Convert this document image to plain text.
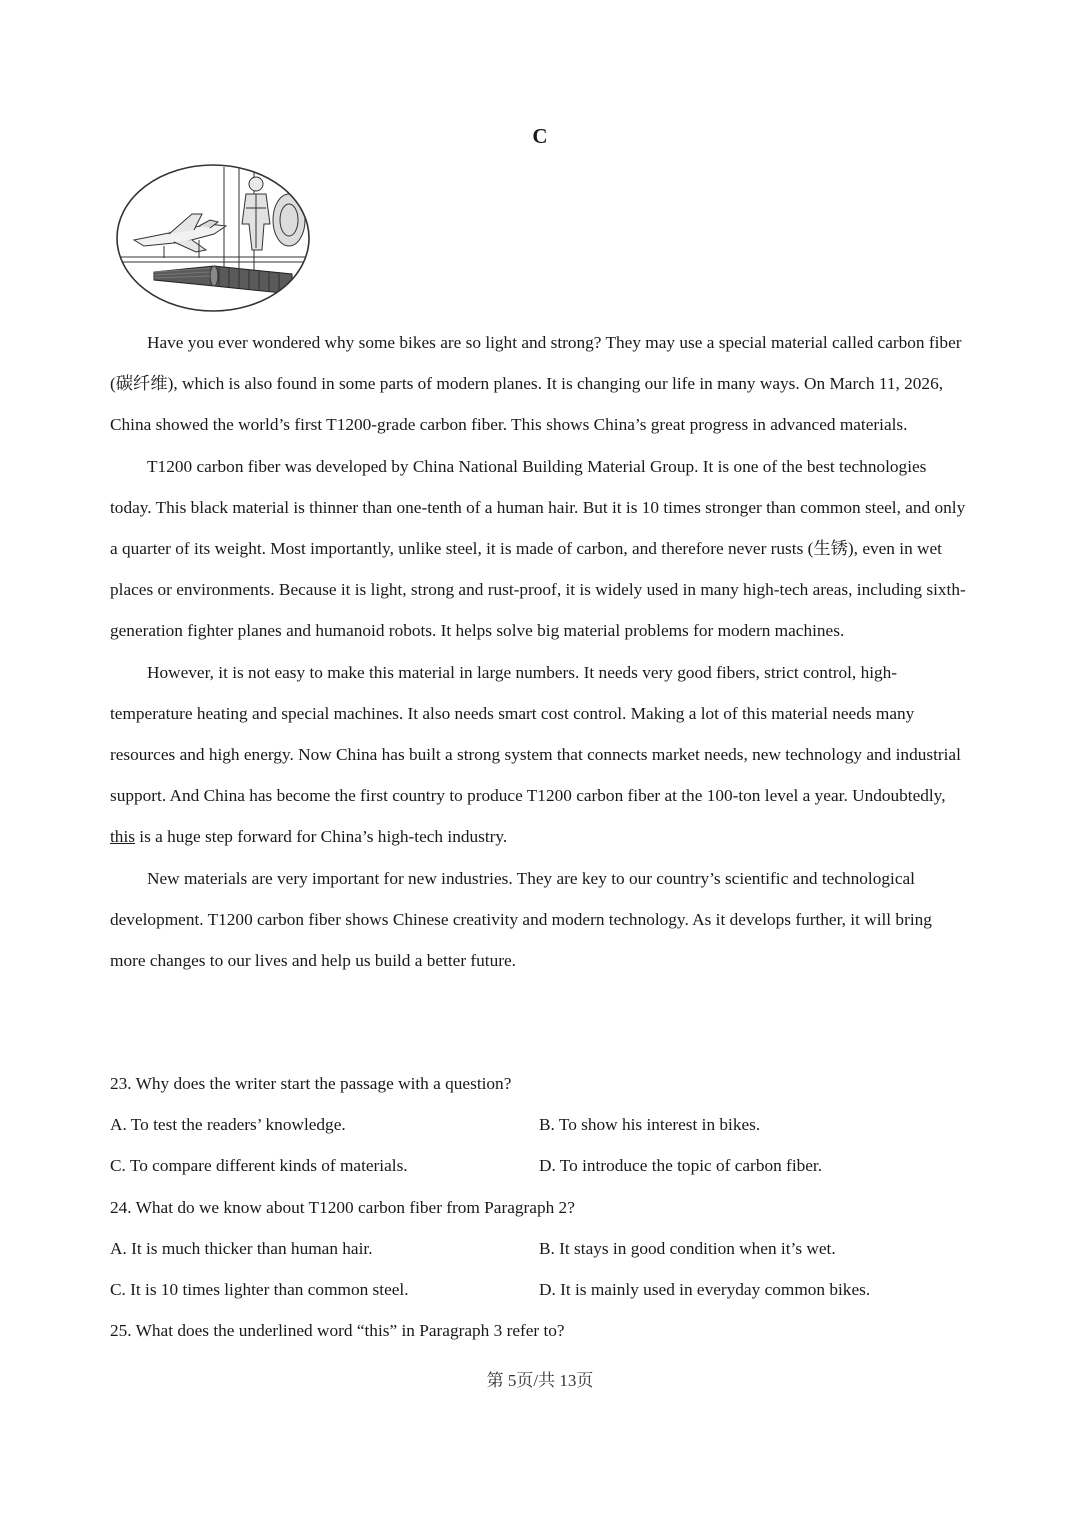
C

Have you ever wondered why some bikes are so light and strong? They may use a special material called carbon fiber (碳纤维), which is also found in some parts of modern planes. It is changing our life in many ways. On March 11, 2026, China showed the world’s first T1200-grade carbon fiber. This shows China’s great progress in advanced materials.

T1200 carbon fiber was developed by China National Building Material Group. It is one of the best technologies today. This black material is thinner than one-tenth of a human hair. But it is 10 times stronger than common steel, and only a quarter of its weight. Most importantly, unlike steel, it is made of carbon, and therefore never rusts (生锈), even in wet places or environments. Because it is light, strong and rust-proof, it is widely used in many high-tech areas, including sixth-generation fighter planes and humanoid robots. It helps solve big material problems for modern machines.

However, it is not easy to make this material in large numbers. It needs very good fibers, strict control, high-temperature heating and special machines. It also needs smart cost control. Making a lot of this material needs many resources and high energy. Now China has built a strong system that connects market needs, new technology and industrial support. And China has become the first country to produce T1200 carbon fiber at the 100-ton level a year. Undoubtedly, this is a huge step forward for China’s high-tech industry.

New materials are very important for new industries. They are key to our country’s scientific and technological development. T1200 carbon fiber shows Chinese creativity and modern technology. As it develops further, it will bring more changes to our lives and help us build a better future.

23. Why does the writer start the passage with a question?
A. To test the readers’ knowledge.	B. To show his interest in bikes.
C. To compare different kinds of materials.	D. To introduce the topic of carbon fiber.
24. What do we know about T1200 carbon fiber from Paragraph 2?
A. It is much thicker than human hair.	B. It stays in good condition when it’s wet.
C. It is 10 times lighter than common steel.	D. It is mainly used in everyday common bikes.
25. What does the underlined word “this” in Paragraph 3 refer to?
第 5页/共 13页
